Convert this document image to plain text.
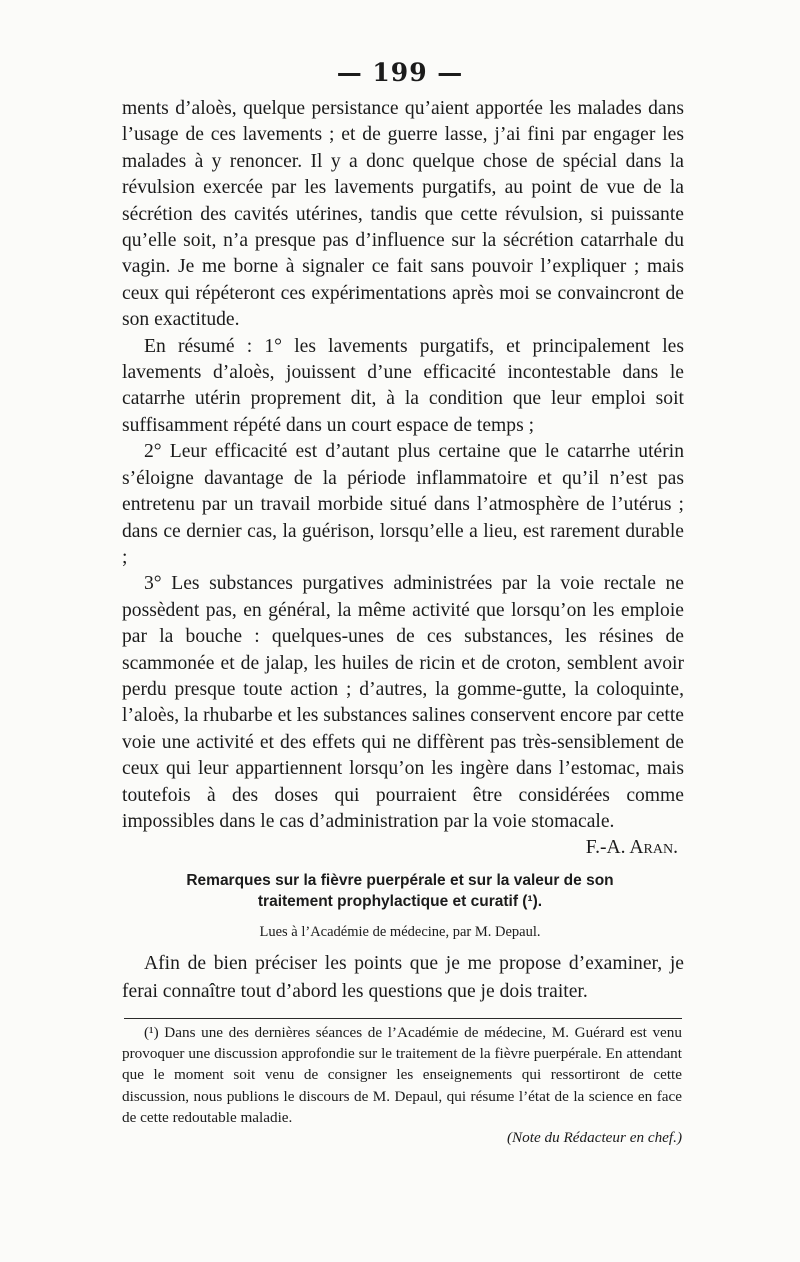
— 199 —

ments d’aloès, quelque persistance qu’aient apportée les malades dans l’usage de ces lavements ; et de guerre lasse, j’ai fini par engager les malades à y renoncer. Il y a donc quelque chose de spécial dans la révulsion exercée par les lavements purgatifs, au point de vue de la sécrétion des cavités utérines, tandis que cette révulsion, si puissante qu’elle soit, n’a presque pas d’influence sur la sécrétion catarrhale du vagin. Je me borne à signaler ce fait sans pouvoir l’expliquer ; mais ceux qui répéteront ces expérimentations après moi se convaincront de son exactitude.

En résumé : 1° les lavements purgatifs, et principalement les lavements d’aloès, jouissent d’une efficacité incontestable dans le catarrhe utérin proprement dit, à la condition que leur emploi soit suffisamment répété dans un court espace de temps ;

2° Leur efficacité est d’autant plus certaine que le catarrhe utérin s’éloigne davantage de la période inflammatoire et qu’il n’est pas entretenu par un travail morbide situé dans l’atmosphère de l’utérus ; dans ce dernier cas, la guérison, lorsqu’elle a lieu, est rarement durable ;

3° Les substances purgatives administrées par la voie rectale ne possèdent pas, en général, la même activité que lorsqu’on les emploie par la bouche : quelques-unes de ces substances, les résines de scammonée et de jalap, les huiles de ricin et de croton, semblent avoir perdu presque toute action ; d’autres, la gomme-gutte, la coloquinte, l’aloès, la rhubarbe et les substances salines conservent encore par cette voie une activité et des effets qui ne diffèrent pas très-sensiblement de ceux qui leur appartiennent lorsqu’on les ingère dans l’estomac, mais toutefois à des doses qui pourraient être considérées comme impossibles dans le cas d’administration par la voie stomacale.

F.-A. Aran.

Remarques sur la fièvre puerpérale et sur la valeur de son traitement prophylactique et curatif (¹).
Lues à l’Académie de médecine, par M. Depaul.

Afin de bien préciser les points que je me propose d’examiner, je ferai connaître tout d’abord les questions que je dois traiter.

(¹) Dans une des dernières séances de l’Académie de médecine, M. Guérard est venu provoquer une discussion approfondie sur le traitement de la fièvre puerpérale. En attendant que le moment soit venu de consigner les enseignements qui ressortiront de cette discussion, nous publions le discours de M. Depaul, qui résume l’état de la science en face de cette redoutable maladie.

(Note du Rédacteur en chef.)
